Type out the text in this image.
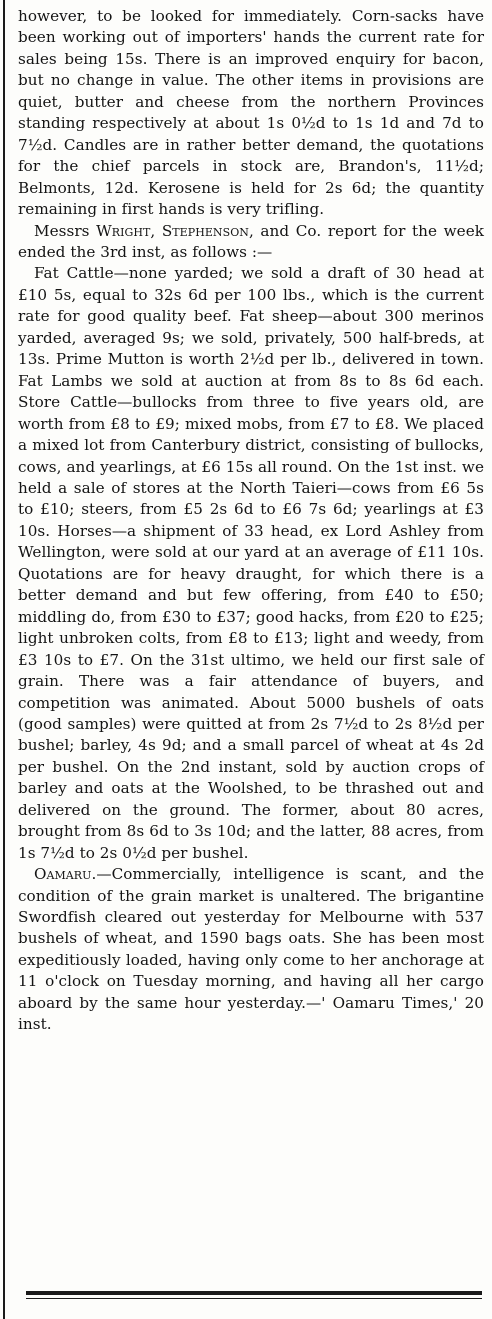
however, to be looked for immediately. Corn-sacks have been working out of importers' hands the current rate for sales being 15s. There is an improved enquiry for bacon, but no change in value. The other items in provisions are quiet, butter and cheese from the northern Provinces standing respectively at about 1s 0½d to 1s 1d and 7d to 7½d. Candles are in rather better demand, the quotations for the chief parcels in stock are, Brandon's, 11½d; Belmonts, 12d. Kerosene is held for 2s 6d; the quantity remaining in first hands is very trifling.

Messrs Wright, Stephenson, and Co. report for the week ended the 3rd inst, as follows :—

Fat Cattle—none yarded; we sold a draft of 30 head at £10 5s, equal to 32s 6d per 100 lbs., which is the current rate for good quality beef. Fat sheep—about 300 merinos yarded, averaged 9s; we sold, privately, 500 half-breds, at 13s. Prime Mutton is worth 2½d per lb., delivered in town. Fat Lambs we sold at auction at from 8s to 8s 6d each. Store Cattle—bullocks from three to five years old, are worth from £8 to £9; mixed mobs, from £7 to £8. We placed a mixed lot from Canterbury district, consisting of bullocks, cows, and yearlings, at £6 15s all round. On the 1st inst. we held a sale of stores at the North Taieri—cows from £6 5s to £10; steers, from £5 2s 6d to £6 7s 6d; yearlings at £3 10s. Horses—a shipment of 33 head, ex Lord Ashley from Wellington, were sold at our yard at an average of £11 10s. Quotations are for heavy draught, for which there is a better demand and but few offering, from £40 to £50; middling do, from £30 to £37; good hacks, from £20 to £25; light unbroken colts, from £8 to £13; light and weedy, from £3 10s to £7. On the 31st ultimo, we held our first sale of grain. There was a fair attendance of buyers, and competition was animated. About 5000 bushels of oats (good samples) were quitted at from 2s 7½d to 2s 8½d per bushel; barley, 4s 9d; and a small parcel of wheat at 4s 2d per bushel. On the 2nd instant, sold by auction crops of barley and oats at the Woolshed, to be thrashed out and delivered on the ground. The former, about 80 acres, brought from 8s 6d to 3s 10d; and the latter, 88 acres, from 1s 7½d to 2s 0½d per bushel.

Oamaru.—Commercially, intelligence is scant, and the condition of the grain market is unaltered. The brigantine Swordfish cleared out yesterday for Melbourne with 537 bushels of wheat, and 1590 bags oats. She has been most expeditiously loaded, having only come to her anchorage at 11 o'clock on Tuesday morning, and having all her cargo aboard by the same hour yesterday.—' Oamaru Times,' 20 inst.
